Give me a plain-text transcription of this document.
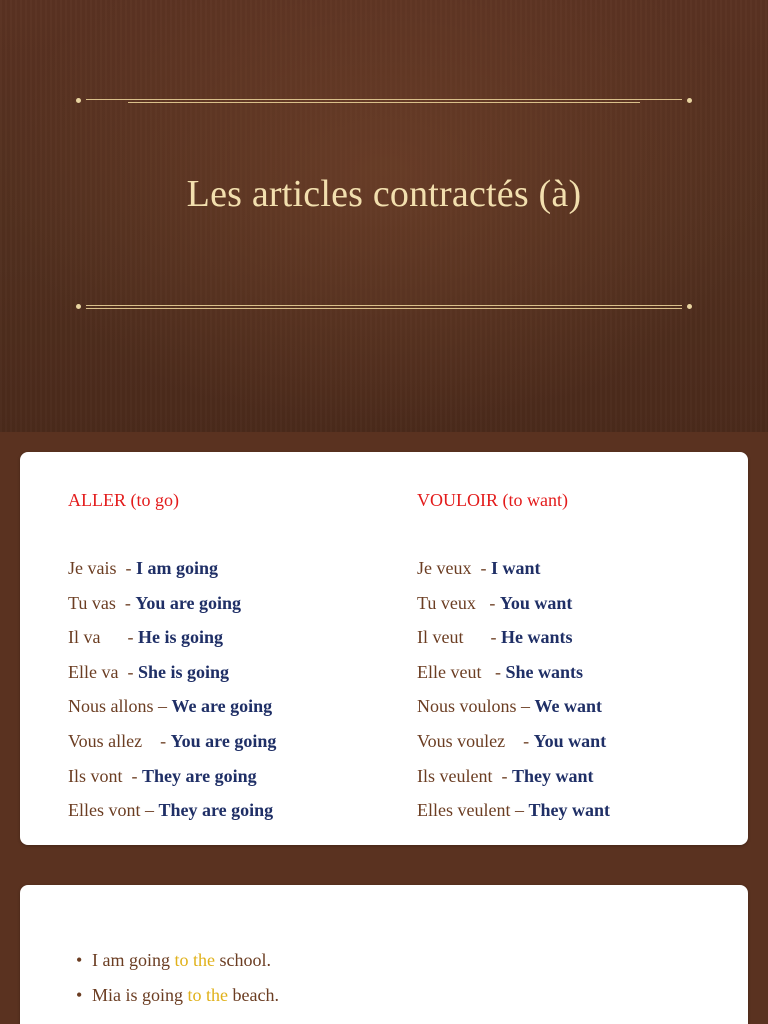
Les articles contractés (à)
ALLER (to go)
Je vais  - I am going
Tu vas  - You are going
Il va      - He is going
Elle va  - She is going
Nous allons – We are going
Vous allez    - You are going
Ils vont  - They are going
Elles vont – They are going
VOULOIR (to want)
Je veux  - I want
Tu veux   - You want
Il veut      - He wants
Elle veut   - She wants
Nous voulons – We want
Vous voulez    - You want
Ils veulent  - They want
Elles veulent – They want
• I am going to the school.
• Mia is going to the beach.
